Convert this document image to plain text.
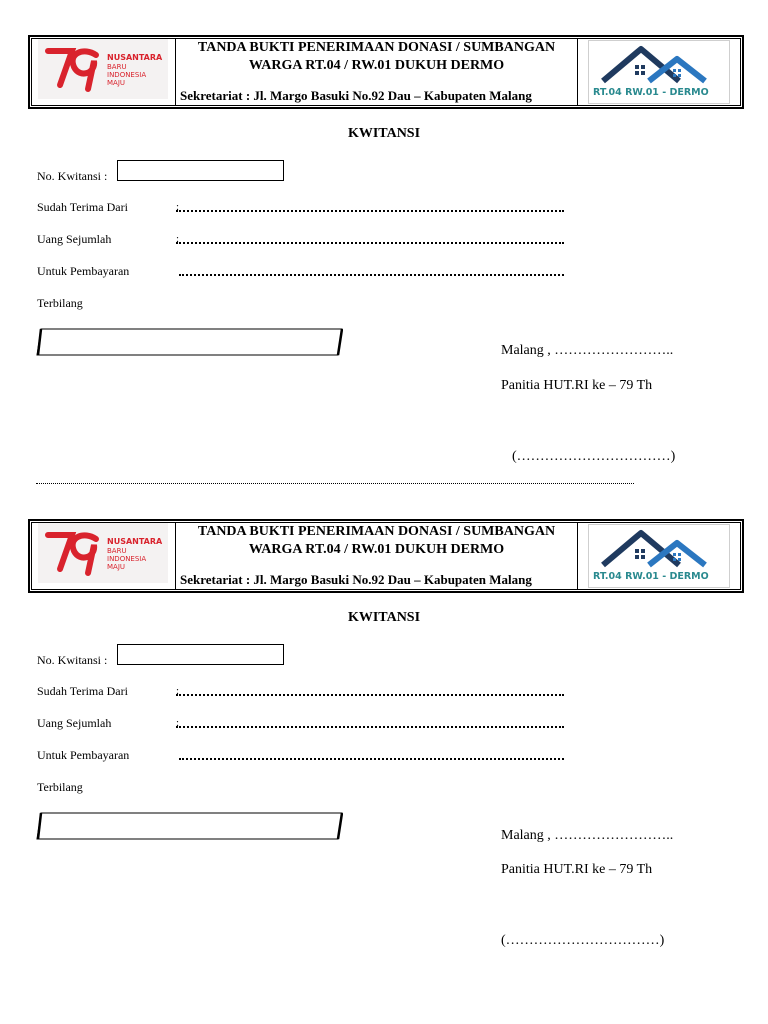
NUSANTARA
BARU
INDONESIA
MAJU
TANDA BUKTI PENERIMAAN DONASI / SUMBANGAN
WARGA RT.04 / RW.01 DUKUH DERMO
Sekretariat : Jl. Margo Basuki No.92 Dau – Kabupaten Malang	RT.04 RW.01 - DERMO
KWITANSI
No. Kwitansi :
Sudah Terima Dari	:
Uang Sejumlah	:
Untuk Pembayaran
Terbilang
Malang , ……………………..
Panitia HUT.RI ke – 79 Th
(……………………………)
NUSANTARA
BARU
INDONESIA
MAJU
TANDA BUKTI PENERIMAAN DONASI / SUMBANGAN
WARGA RT.04 / RW.01 DUKUH DERMO
Sekretariat : Jl. Margo Basuki No.92 Dau – Kabupaten Malang	RT.04 RW.01 - DERMO
KWITANSI
No. Kwitansi :
Sudah Terima Dari	:
Uang Sejumlah	:
Untuk Pembayaran
Terbilang
Malang , ……………………..
Panitia HUT.RI ke – 79 Th
(……………………………)
